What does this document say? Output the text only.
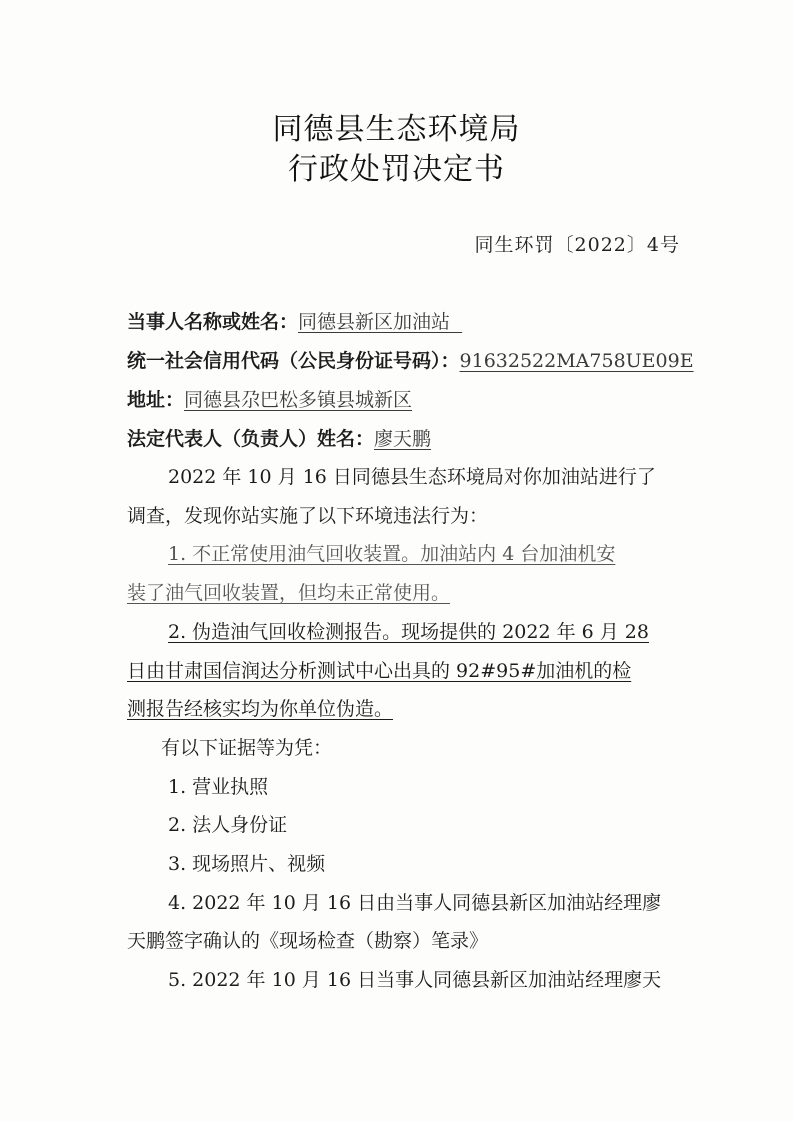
同德县生态环境局
行政处罚决定书
同生环罚〔2022〕4号
当事人名称或姓名：同德县新区加油站
统一社会信用代码（公民身份证号码）：91632522MA758UE09E
地址：同德县尕巴松多镇县城新区
法定代表人（负责人）姓名：廖天鹏
2022 年 10 月 16 日同德县生态环境局对你加油站进行了
调查，发现你站实施了以下环境违法行为：
1. 不正常使用油气回收装置。加油站内 4 台加油机安
装了油气回收装置，但均未正常使用。
2. 伪造油气回收检测报告。现场提供的 2022 年 6 月 28
日由甘肃国信润达分析测试中心出具的 92#95#加油机的检
测报告经核实均为你单位伪造。
有以下证据等为凭：
1. 营业执照
2. 法人身份证
3. 现场照片、视频
4. 2022 年 10 月 16 日由当事人同德县新区加油站经理廖
天鹏签字确认的《现场检查（勘察）笔录》
5. 2022 年 10 月 16 日当事人同德县新区加油站经理廖天
